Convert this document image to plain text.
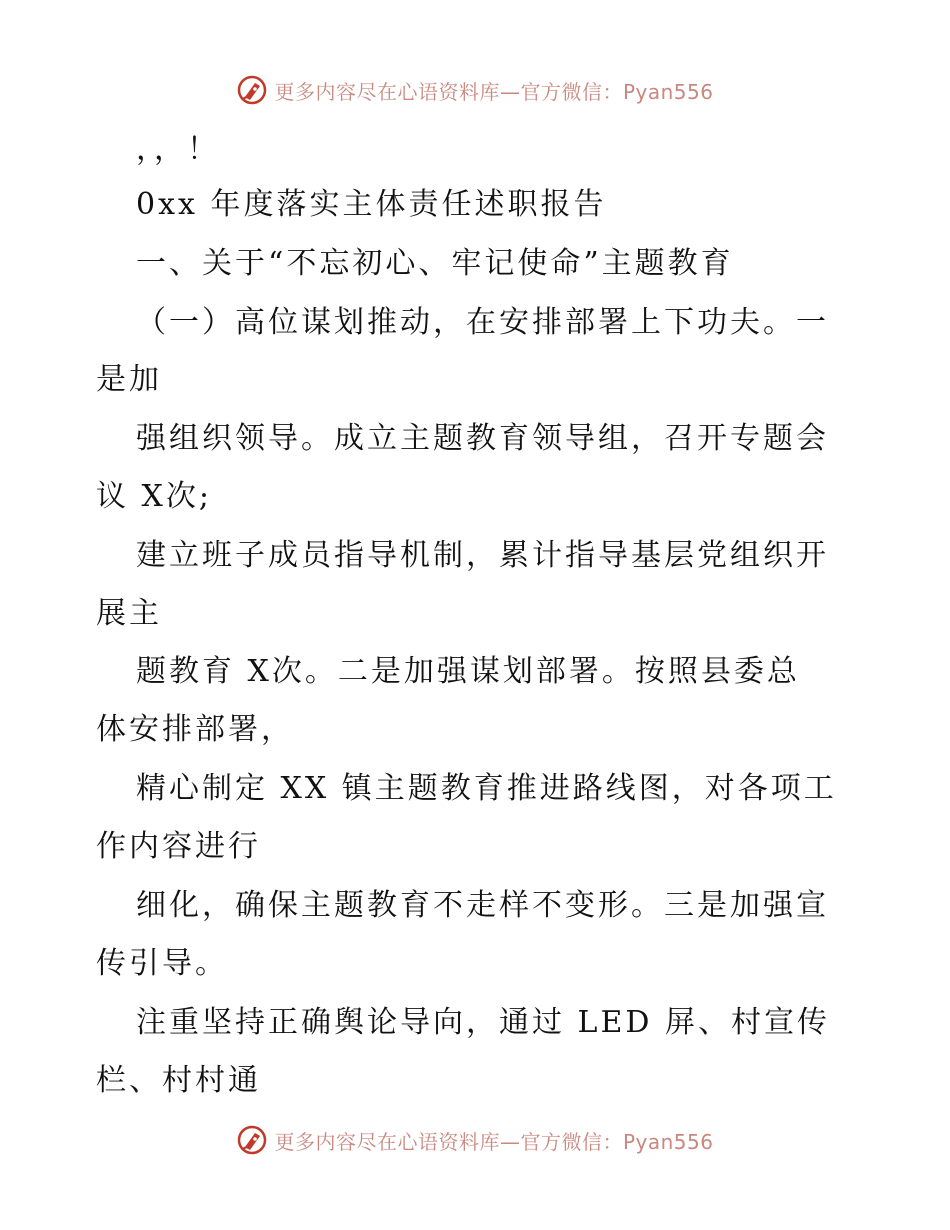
更多内容尽在心语资料库—官方微信：Pyan556
，，！
0xx 年度落实主体责任述职报告
一、关于“不忘初心、牢记使命”主题教育
（一）高位谋划推动，在安排部署上下功夫。一
是加
强组织领导。成立主题教育领导组，召开专题会
议 X次;
建立班子成员指导机制，累计指导基层党组织开
展主
题教育 X次。二是加强谋划部署。按照县委总
体安排部署，
精心制定 XX 镇主题教育推进路线图，对各项工
作内容进行
细化，确保主题教育不走样不变形。三是加强宣
传引导。
注重坚持正确舆论导向，通过 LED 屏、村宣传
栏、村村通
更多内容尽在心语资料库—官方微信：Pyan556
